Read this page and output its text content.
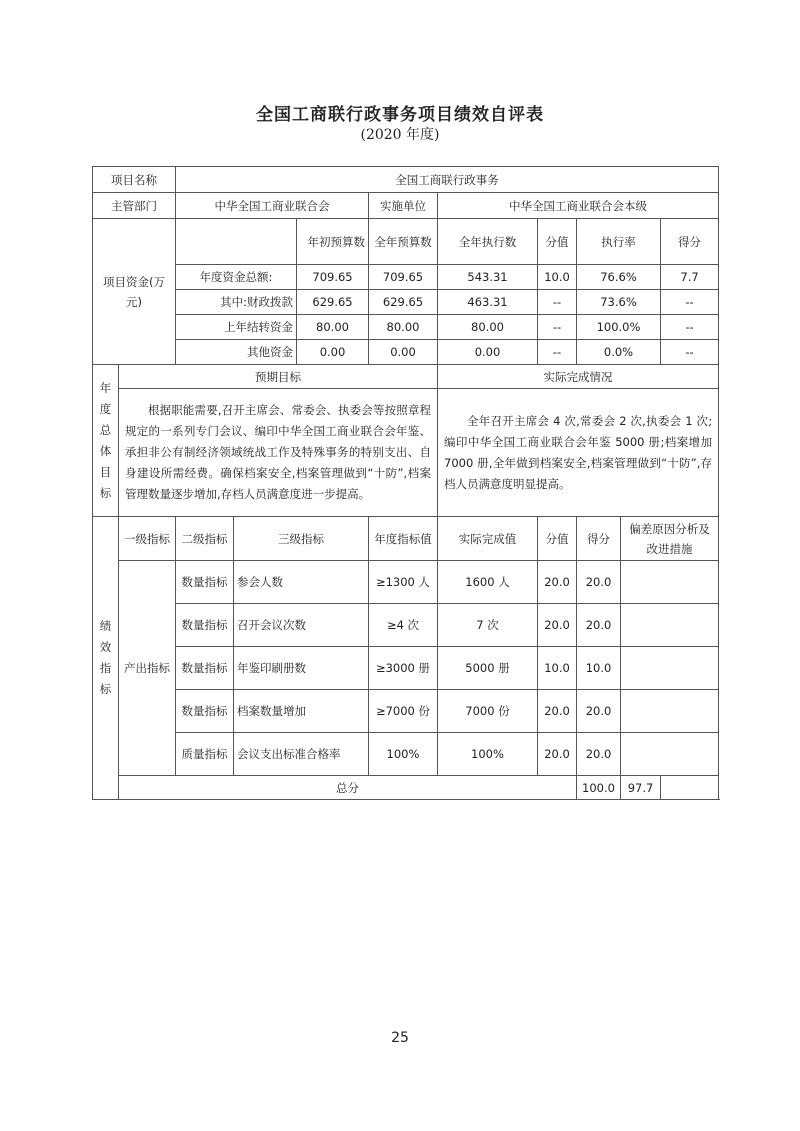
全国工商联行政事务项目绩效自评表
(2020 年度)
项目名称		全国工商联行政事务								
主管部门		中华全国工商业联合会			实施单位	中华全国工商业联合会本级				
项目资金(万元)				年初预算数	全年预算数	全年执行数	分值	执行率		得分
		年度资金总额:		709.65	709.65	543.31	10.0	76.6%		7.7
		其中:财政拨款		629.65	629.65	463.31	--	73.6%		--
		上年结转资金		80.00	80.00	80.00	--	100.0%		--
		其他资金		0.00	0.00	0.00	--	0.0%		--
年度总体目标	预期目标					实际完成情况				
	根据职能需要,召开主席会、常委会、执委会等按照章程规定的一系列专门会议、编印中华全国工商业联合会年鉴、承担非公有制经济领域统战工作及特殊事务的特别支出、自身建设所需经费。确保档案安全,档案管理做到“十防”,档案管理数量逐步增加,存档人员满意度进一步提高。					全年召开主席会 4 次,常委会 2 次,执委会 1 次;编印中华全国工商业联合会年鉴 5000 册;档案增加 7000 册,全年做到档案安全,档案管理做到“十防”,存档人员满意度明显提高。				
绩效指标	一级指标	二级指标	三级指标		年度指标值	实际完成值	分值	得分	偏差原因分析及改进措施	
	产出指标	数量指标	参会人数		≥1300 人	1600 人	20.0	20.0		
		数量指标	召开会议次数		≥4 次	7 次	20.0	20.0		
		数量指标	年鉴印刷册数		≥3000 册	5000 册	10.0	10.0		
		数量指标	档案数量增加		≥7000 份	7000 份	20.0	20.0		
		质量指标	会议支出标准合格率		100%	100%	20.0	20.0		
	总分							100.0	97.7	
25
